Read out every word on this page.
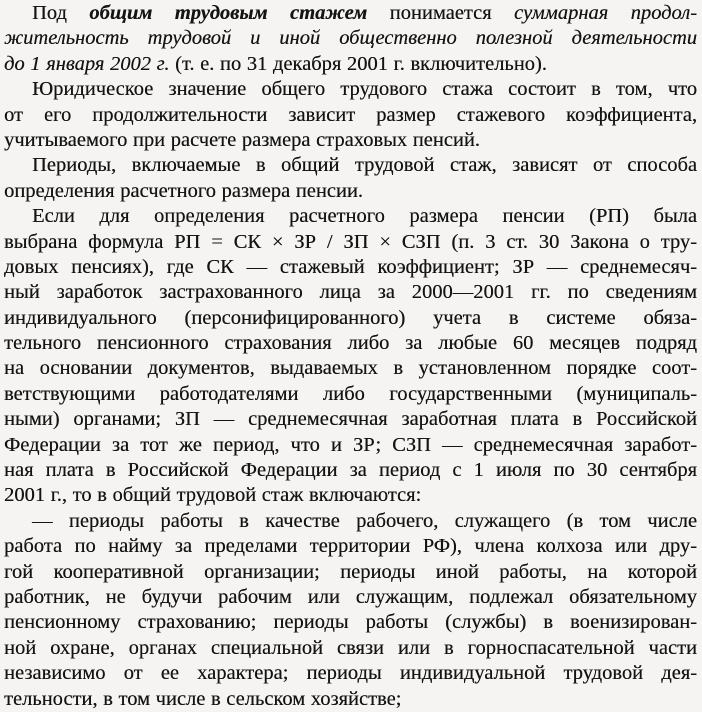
Под общим трудовым стажем понимается суммарная продол-
жительность трудовой и иной общественно полезной деятельности
до 1 января 2002 г. (т. е. по 31 декабря 2001 г. включительно).
Юридическое значение общего трудового стажа состоит в том, что
от его продолжительности зависит размер стажевого коэффициента,
учитываемого при расчете размера страховых пенсий.
Периоды, включаемые в общий трудовой стаж, зависят от способа
определения расчетного размера пенсии.
Если для определения расчетного размера пенсии (РП) была
выбрана формула РП = СК × ЗР / ЗП × СЗП (п. 3 ст. 30 Закона о тру-
довых пенсиях), где СК — стажевый коэффициент; ЗР — среднемесяч-
ный заработок застрахованного лица за 2000—2001 гг. по сведениям
индивидуального (персонифицированного) учета в системе обяза-
тельного пенсионного страхования либо за любые 60 месяцев подряд
на основании документов, выдаваемых в установленном порядке соот-
ветствующими работодателями либо государственными (муниципаль-
ными) органами; ЗП — среднемесячная заработная плата в Российской
Федерации за тот же период, что и ЗР; СЗП — среднемесячная заработ-
ная плата в Российской Федерации за период с 1 июля по 30 сентября
2001 г., то в общий трудовой стаж включаются:
— периоды работы в качестве рабочего, служащего (в том числе
работа по найму за пределами территории РФ), члена колхоза или дру-
гой кооперативной организации; периоды иной работы, на которой
работник, не будучи рабочим или служащим, подлежал обязательному
пенсионному страхованию; периоды работы (службы) в военизирован-
ной охране, органах специальной связи или в горноспасательной части
независимо от ее характера; периоды индивидуальной трудовой дея-
тельности, в том числе в сельском хозяйстве;
